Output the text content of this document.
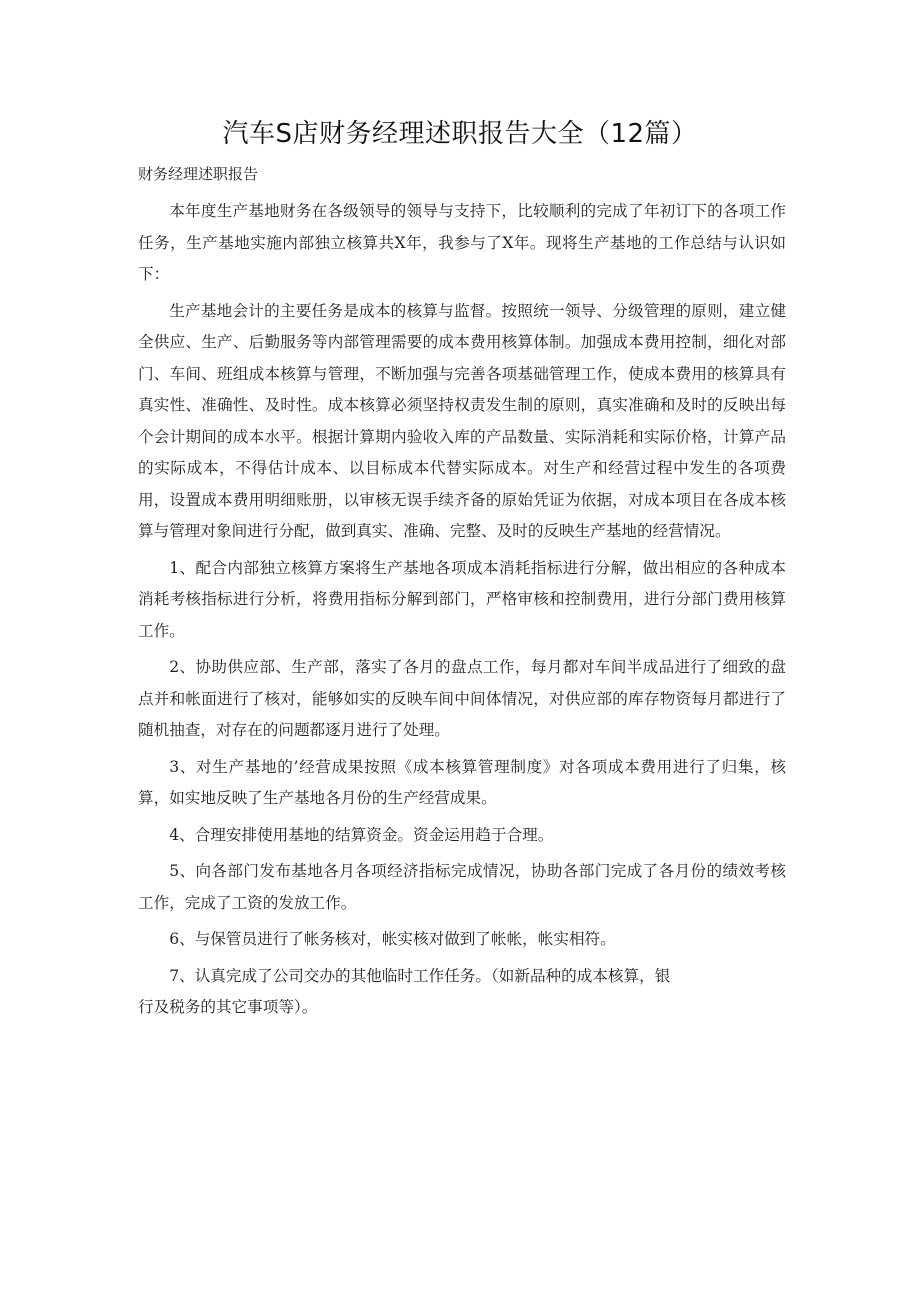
汽车S店财务经理述职报告大全（12篇）

财务经理述职报告

本年度生产基地财务在各级领导的领导与支持下，比较顺利的完成了年初订下的各项工作任务，生产基地实施内部独立核算共X年，我参与了X年。现将生产基地的工作总结与认识如下：

生产基地会计的主要任务是成本的核算与监督。按照统一领导、分级管理的原则，建立健全供应、生产、后勤服务等内部管理需要的成本费用核算体制。加强成本费用控制，细化对部门、车间、班组成本核算与管理，不断加强与完善各项基础管理工作，使成本费用的核算具有真实性、准确性、及时性。成本核算必须坚持权责发生制的原则，真实准确和及时的反映出每个会计期间的成本水平。根据计算期内验收入库的产品数量、实际消耗和实际价格，计算产品的实际成本，不得估计成本、以目标成本代替实际成本。对生产和经营过程中发生的各项费用，设置成本费用明细账册，以审核无误手续齐备的原始凭证为依据，对成本项目在各成本核算与管理对象间进行分配，做到真实、准确、完整、及时的反映生产基地的经营情况。

1、配合内部独立核算方案将生产基地各项成本消耗指标进行分解，做出相应的各种成本消耗考核指标进行分析，将费用指标分解到部门，严格审核和控制费用，进行分部门费用核算工作。

2、协助供应部、生产部，落实了各月的盘点工作，每月都对车间半成品进行了细致的盘点并和帐面进行了核对，能够如实的反映车间中间体情况，对供应部的库存物资每月都进行了随机抽查，对存在的问题都逐月进行了处理。

3、对生产基地的’经营成果按照《成本核算管理制度》对各项成本费用进行了归集，核算，如实地反映了生产基地各月份的生产经营成果。

4、合理安排使用基地的结算资金。资金运用趋于合理。

5、向各部门发布基地各月各项经济指标完成情况，协助各部门完成了各月份的绩效考核工作，完成了工资的发放工作。

6、与保管员进行了帐务核对，帐实核对做到了帐帐，帐实相符。

7、认真完成了公司交办的其他临时工作任务。（如新品种的成本核算，银
行及税务的其它事项等）。
